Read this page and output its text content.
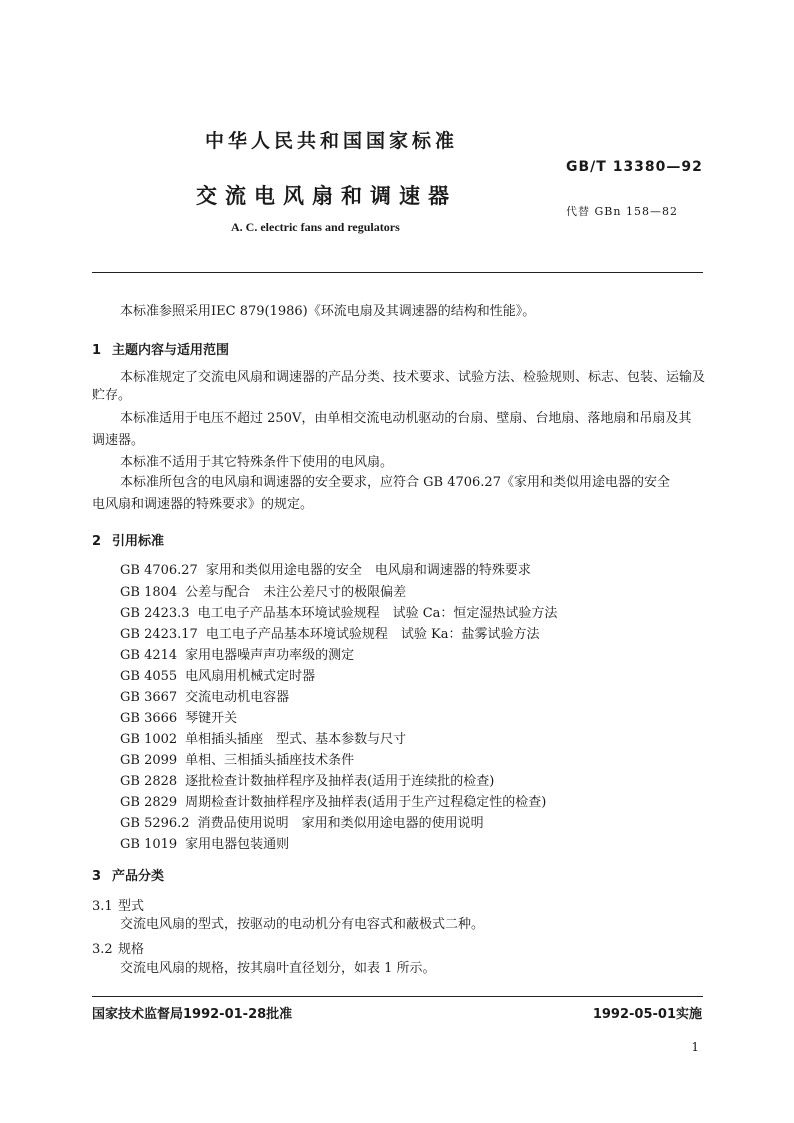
中华人民共和国国家标准
GB/T 13380—92
交流电风扇和调速器
代替 GBn 158—82
A. C. electric fans and regulators
本标准参照采用IEC 879(1986)《环流电扇及其调速器的结构和性能》。
1 主题内容与适用范围
本标准规定了交流电风扇和调速器的产品分类、技术要求、试验方法、检验规则、标志、包装、运输及
贮存。
本标准适用于电压不超过 250V，由单相交流电动机驱动的台扇、壁扇、台地扇、落地扇和吊扇及其
调速器。
本标准不适用于其它特殊条件下使用的电风扇。
本标准所包含的电风扇和调速器的安全要求，应符合 GB 4706.27《家用和类似用途电器的安全
电风扇和调速器的特殊要求》的规定。
2 引用标准
GB 4706.27 家用和类似用途电器的安全　电风扇和调速器的特殊要求
GB 1804 公差与配合　未注公差尺寸的极限偏差
GB 2423.3 电工电子产品基本环境试验规程　试验 Ca：恒定湿热试验方法
GB 2423.17 电工电子产品基本环境试验规程　试验 Ka：盐雾试验方法
GB 4214 家用电器噪声声功率级的测定
GB 4055 电风扇用机械式定时器
GB 3667 交流电动机电容器
GB 3666 琴键开关
GB 1002 单相插头插座　型式、基本参数与尺寸
GB 2099 单相、三相插头插座技术条件
GB 2828 逐批检查计数抽样程序及抽样表(适用于连续批的检查)
GB 2829 周期检查计数抽样程序及抽样表(适用于生产过程稳定性的检查)
GB 5296.2 消费品使用说明　家用和类似用途电器的使用说明
GB 1019 家用电器包装通则
3 产品分类
3.1 型式
交流电风扇的型式，按驱动的电动机分有电容式和蔽极式二种。
3.2 规格
交流电风扇的规格，按其扇叶直径划分，如表 1 所示。
国家技术监督局1992-01-28批准	1992-05-01实施
1
